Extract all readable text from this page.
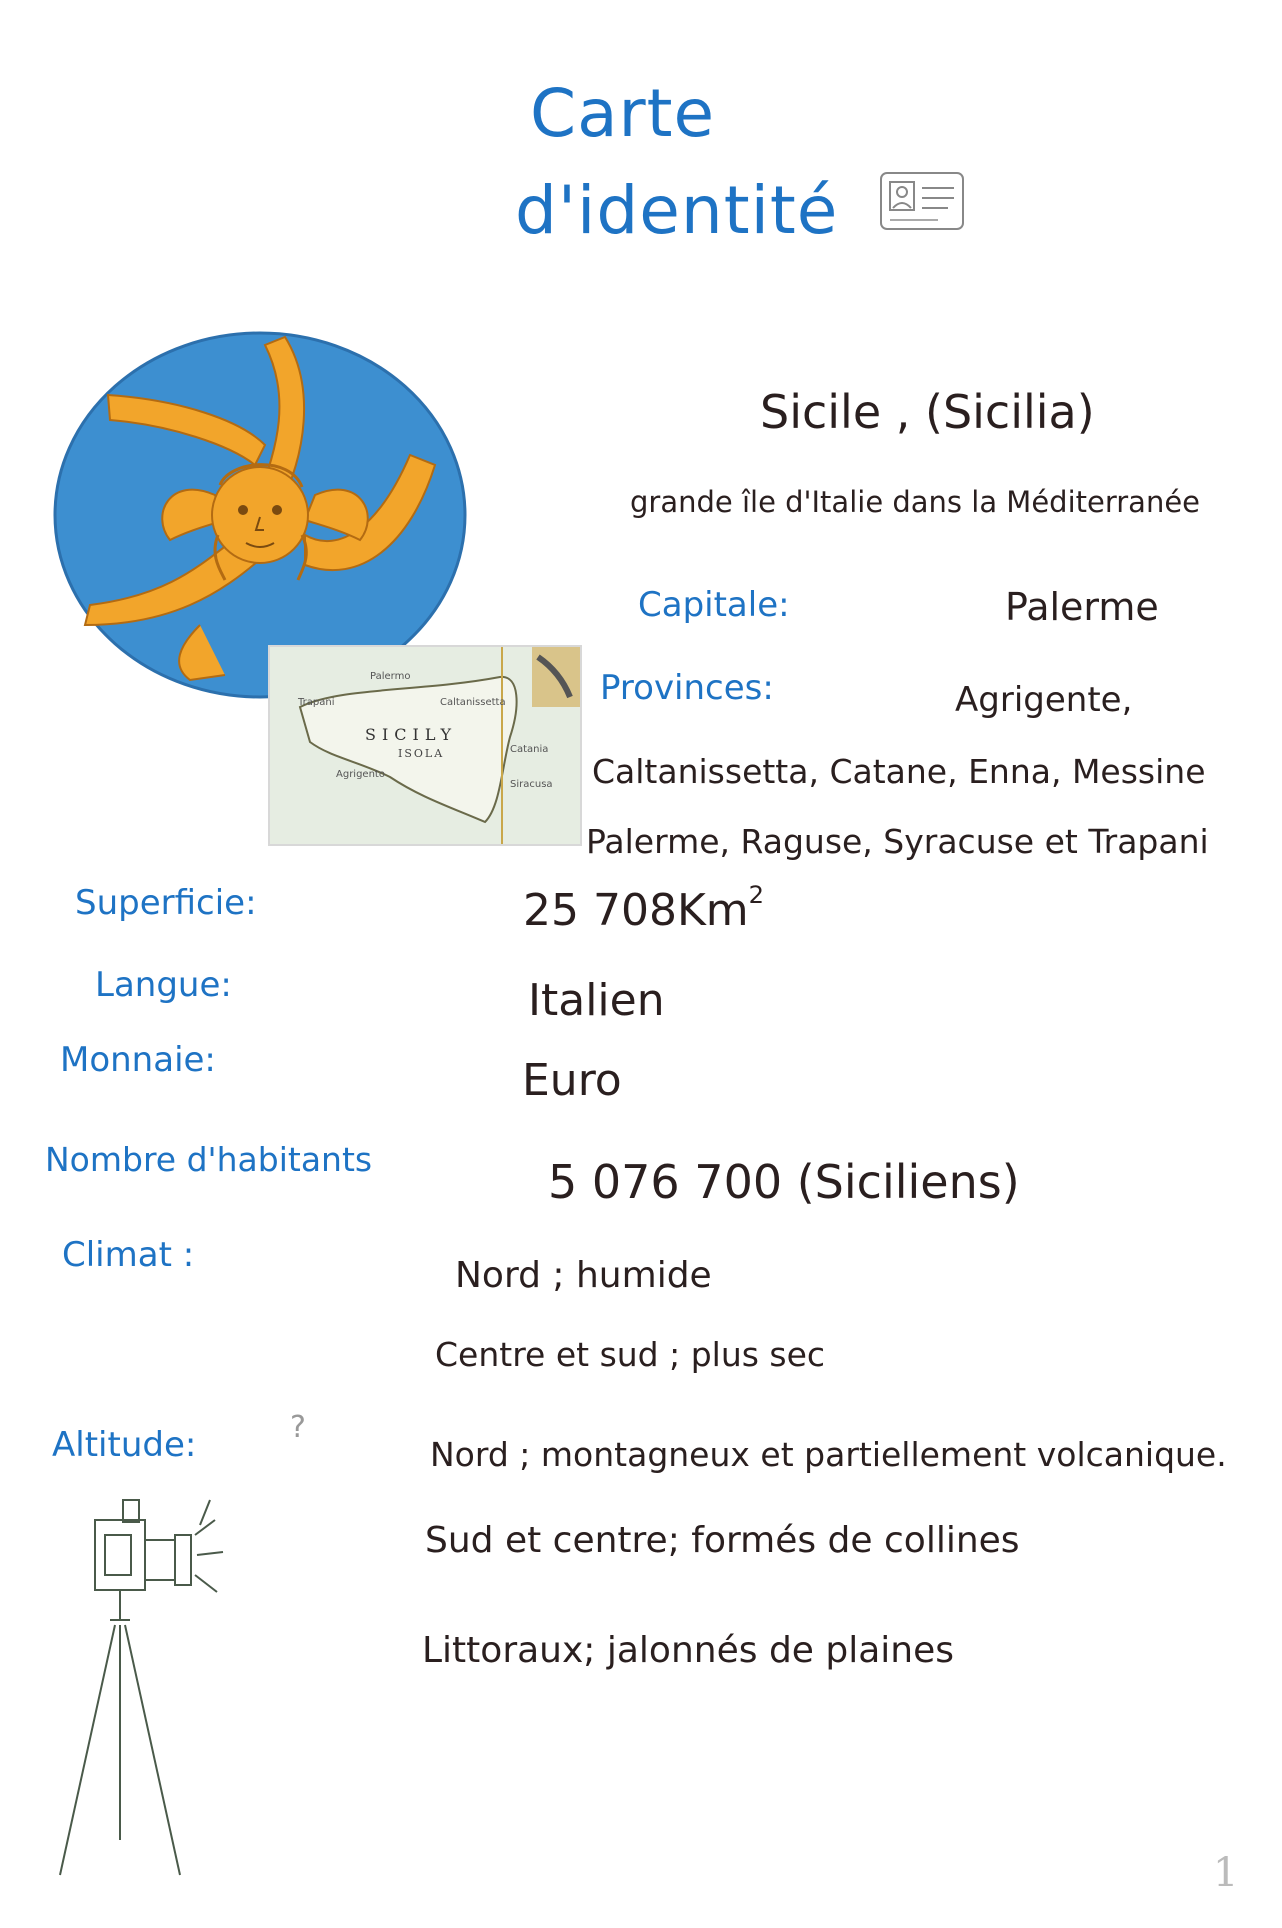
Carte
d'identité
Trapani
Palermo
Caltanissetta
Agrigento
Catania
Siracusa
SICILY
ISOLA
Sicile , (Sicilia)
grande île d'Italie dans la Méditerranée
Capitale:	Palerme
Provinces:	Agrigente,
Caltanissetta, Catane, Enna, Messine
Palerme, Raguse, Syracuse et Trapani
Superficie:	25 708Km$^2$
Langue:	Italien
Monnaie:	Euro
Nombre d'habitants	5 076 700 (Siciliens)
Climat :	Nord ; humide
Centre et sud ; plus sec
Altitude:	?
Nord ; montagneux et partiellement volcanique.
Sud et centre; formés de collines
Littoraux; jalonnés de plaines
1
